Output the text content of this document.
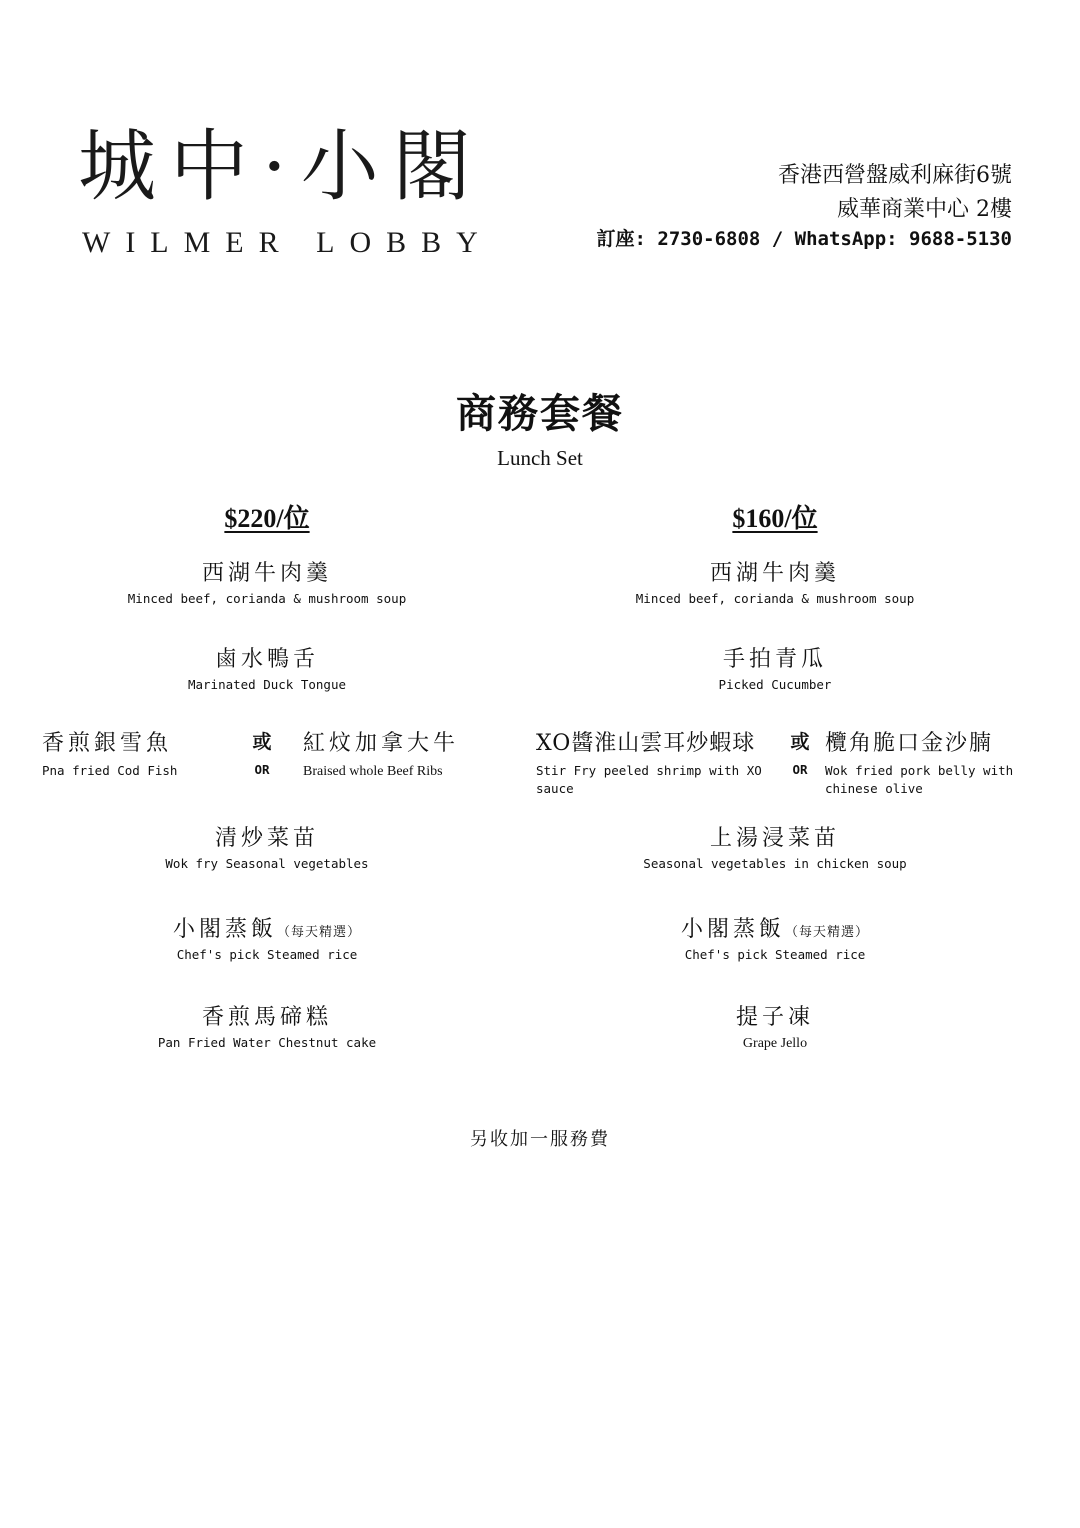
城中·小閣
WILMER LOBBY
香港西營盤威利麻街6號
威華商業中心 2樓
訂座: 2730-6808 / WhatsApp: 9688-5130
商務套餐
Lunch Set
$220/位
西湖牛肉羹
Minced beef, corianda & mushroom soup
鹵水鴨舌
Marinated Duck Tongue
香煎銀雪魚
Pna fried Cod Fish
或
OR
紅炆加拿大牛
Braised whole Beef Ribs
清炒菜苗
Wok fry Seasonal vegetables
小閣蒸飯（每天精選）
Chef's pick Steamed rice
香煎馬碲糕
Pan Fried Water Chestnut cake
$160/位
西湖牛肉羹
Minced beef, corianda & mushroom soup
手拍青瓜
Picked Cucumber
XO醬淮山雲耳炒蝦球
Stir Fry peeled shrimp with XO sauce
或
OR
欖角脆口金沙腩
Wok fried pork belly with chinese olive
上湯浸菜苗
Seasonal vegetables in chicken soup
小閣蒸飯（每天精選）
Chef's pick Steamed rice
提子凍
Grape Jello
另收加一服務費
